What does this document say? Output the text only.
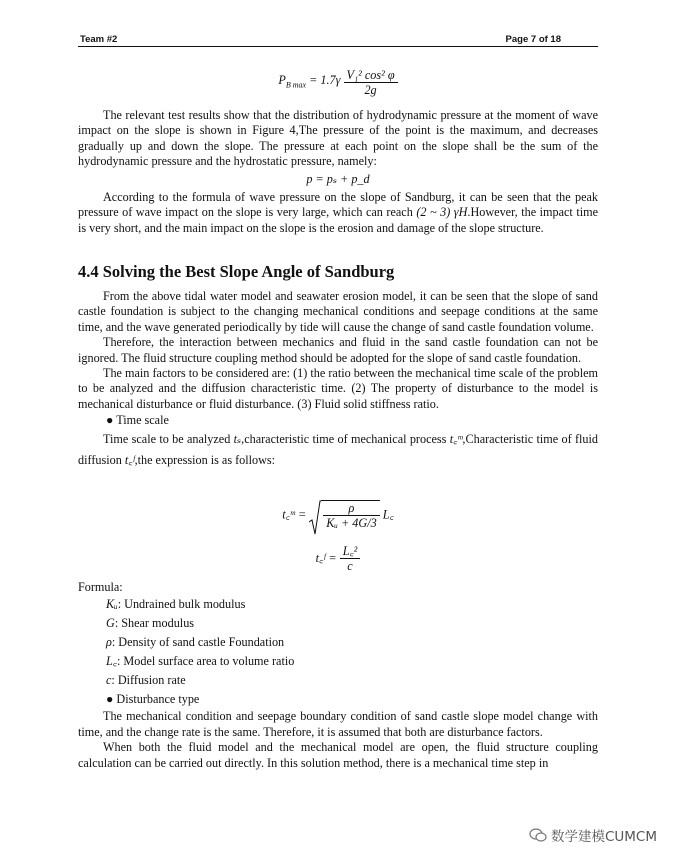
Team #2	Page 7 of 18
$P_{B max} = 1.7\gamma \frac{\text{V₁² cos² φ}}{2g}$

The relevant test results show that the distribution of hydrodynamic pressure at the moment of wave impact on the slope is shown in Figure 4,The pressure of the point is the maximum, and decreases gradually up and down the slope. The pressure at each point on the slope shall be the sum of the hydrodynamic pressure and the hydrostatic pressure, namely:

p = pₛ + p_d

According to the formula of wave pressure on the slope of Sandburg, it can be seen that the peak pressure of wave impact on the slope is very large, which can reach (2 ~ 3) γH.However, the impact time is very short, and the main impact on the slope is the erosion and damage of the slope structure.

4.4 Solving the Best Slope Angle of Sandburg

From the above tidal water model and seawater erosion model, it can be seen that the slope of sand castle foundation is subject to the changing mechanical conditions and seepage conditions at the same time, and the wave generated periodically by tide will cause the change of sand castle foundation volume.

Therefore, the interaction between mechanics and fluid in the sand castle foundation can not be ignored. The fluid structure coupling method should be adopted for the slope of sand castle foundation.

The main factors to be considered are: (1) the ratio between the mechanical time scale of the problem to be analyzed and the diffusion characteristic time. (2) The property of disturbance to the model is mechanical disturbance or fluid disturbance. (3) Fluid solid stiffness ratio.

● Time scale

Time scale to be analyzed tₛ,characteristic time of mechanical process t꜀ᵐ,Characteristic time of fluid diffusion t꜀ᶠ,the expression is as follows:

t꜀ᵐ = $\frac{\rho}{\text{Kᵤ + 4G/3}}$ L꜀
t꜀ᶠ = $\frac{\text{L꜀²}}{c}$

Formula:

Kᵤ: Undrained bulk modulus
G: Shear modulus
ρ: Density of sand castle Foundation
L꜀: Model surface area to volume ratio
c: Diffusion rate
● Disturbance type

The mechanical condition and seepage boundary condition of sand castle slope model change with time, and the change rate is the same. Therefore, it is assumed that both are disturbance factors.

When both the fluid model and the mechanical model are open, the fluid structure coupling calculation can be carried out directly. In this solution method, there is a mechanical time step in

数学建模CUMCM
